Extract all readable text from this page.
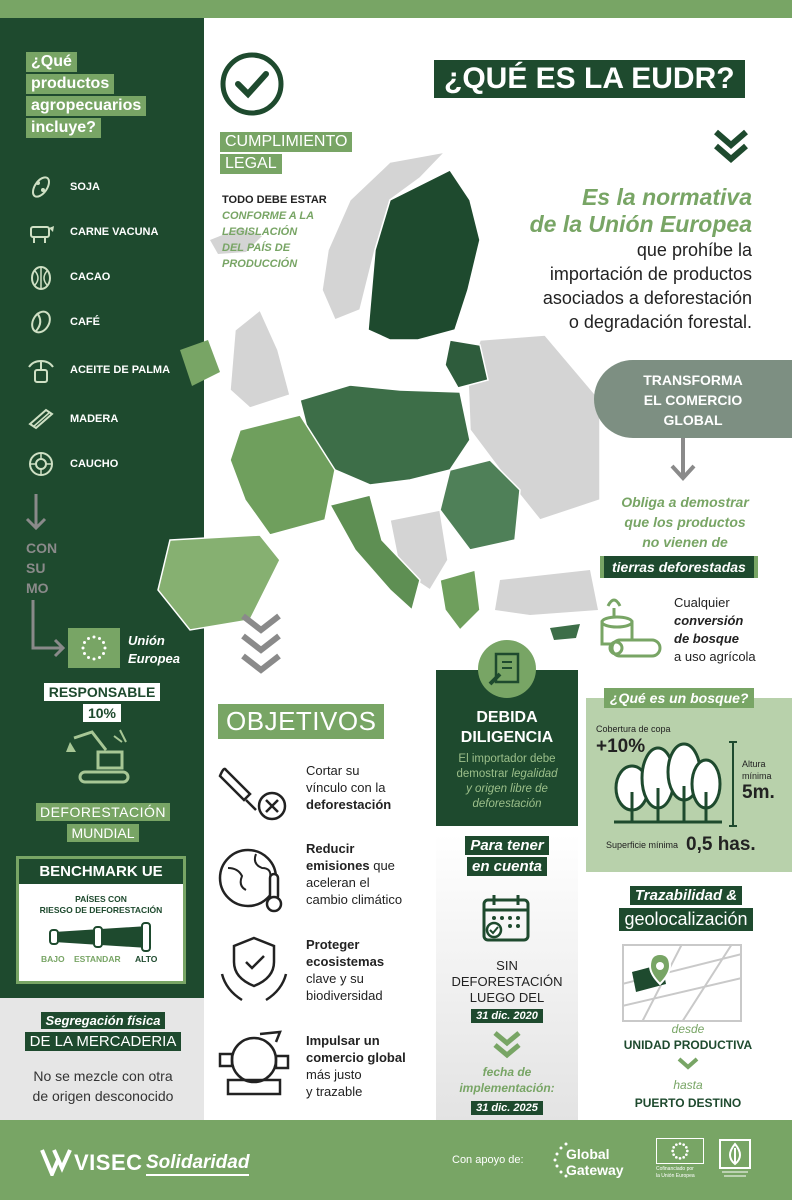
¿Qué
productos
agropecuarios
incluye?
SOJA
CARNE VACUNA
CACAO
CAFÉ
ACEITE DE PALMA
MADERA
CAUCHO
CON
SU
MO
Unión
Europea
RESPONSABLE
10%
DEFORESTACIÓN
MUNDIAL
BENCHMARK UE
PAÍSES CON
RIESGO DE DEFORESTACIÓN
BAJO ESTANDAR ALTO
Segregación física
DE LA MERCADERIA
No se mezcle con otra
de origen desconocido
CUMPLIMIENTO
LEGAL
TODO DEBE ESTAR
CONFORME A LA
LEGISLACIÓN
DEL PAÍS DE
PRODUCCIÓN
¿QUÉ ES LA EUDR?
Es la normativa
de la Unión Europea
que prohíbe la
importación de productos
asociados a deforestación
o degradación forestal.
TRANSFORMA
EL COMERCIO
GLOBAL
Obliga a demostrar
que los productos
no vienen de
tierras deforestadas
Cualquier
conversión
de bosque
a uso agrícola
¿Qué es un bosque?
Cobertura de copa
+10%
Altura
mínima
5m.
Superficie mínima 0,5 has.
OBJETIVOS
Cortar su
vínculo con la
deforestación
Reducir
emisiones que
aceleran el
cambio climático
Proteger
ecosistemas
clave y su
biodiversidad
Impulsar un
comercio global
más justo
y trazable
DEBIDA
DILIGENCIA
El importador debe
demostrar legalidad
y origen libre de
deforestación
Para tener
en cuenta
SIN
DEFORESTACIÓN
LUEGO DEL
31 dic. 2020
fecha de
implementación:
31 dic. 2025
Trazabilidad &
geolocalización
desde
UNIDAD PRODUCTIVA
hasta
PUERTO DESTINO
VISEC Solidaridad	Con apoyo de:	Global
Gateway	Cofinanciado por
la Unión Europea
